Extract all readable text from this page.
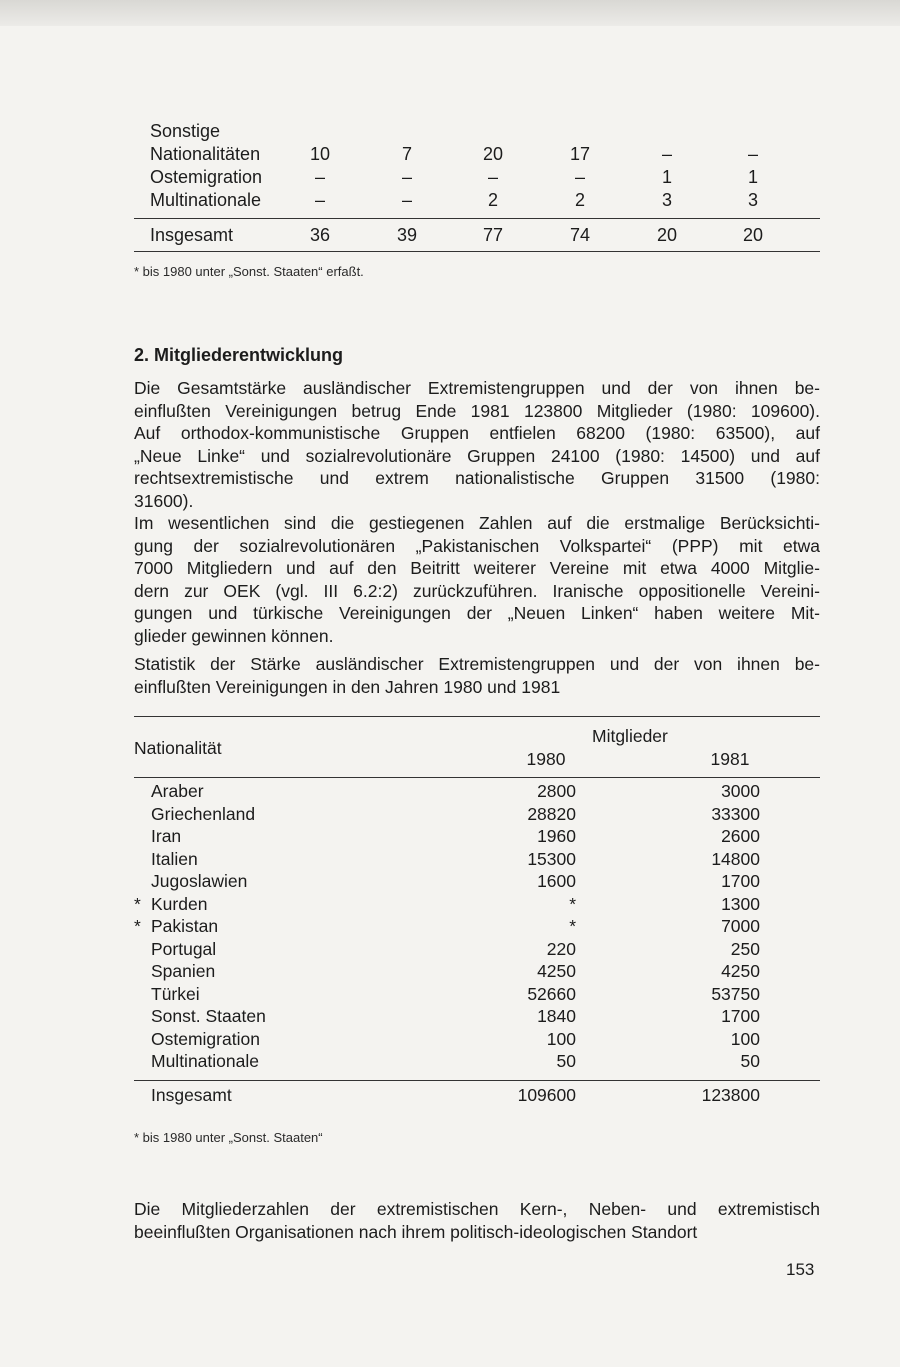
Sonstige
Nationalitäten	10	7	20	17	–	–
Ostemigration	–	–	–	–	1	1
Multinationale	–	–	2	2	3	3
Insgesamt	36	39	77	74	20	20
* bis 1980 unter „Sonst. Staaten“ erfaßt.
2. Mitgliederentwicklung
Die Gesamtstärke ausländischer Extremistengruppen und der von ihnen be-
einflußten Vereinigungen betrug Ende 1981 123800 Mitglieder (1980: 109600).
Auf orthodox-kommunistische Gruppen entfielen 68200 (1980: 63500), auf
„Neue Linke“ und sozialrevolutionäre Gruppen 24100 (1980: 14500) und auf
rechtsextremistische und extrem nationalistische Gruppen 31500 (1980:
31600).
Im wesentlichen sind die gestiegenen Zahlen auf die erstmalige Berücksichti-
gung der sozialrevolutionären „Pakistanischen Volkspartei“ (PPP) mit etwa
7000 Mitgliedern und auf den Beitritt weiterer Vereine mit etwa 4000 Mitglie-
dern zur OEK (vgl. III 6.2:2) zurückzuführen. Iranische oppositionelle Vereini-
gungen und türkische Vereinigungen der „Neuen Linken“ haben weitere Mit-
glieder gewinnen können.
Statistik der Stärke ausländischer Extremistengruppen und der von ihnen be-
einflußten Vereinigungen in den Jahren 1980 und 1981
Nationalität
Mitglieder
1980	1981
Araber	2800	3000
Griechenland	28820	33300
Iran	1960	2600
Italien	15300	14800
Jugoslawien	1600	1700
* Kurden	*	1300
* Pakistan	*	7000
Portugal	220	250
Spanien	4250	4250
Türkei	52660	53750
Sonst. Staaten	1840	1700
Ostemigration	100	100
Multinationale	50	50
Insgesamt	109600	123800
* bis 1980 unter „Sonst. Staaten“
Die Mitgliederzahlen der extremistischen Kern-, Neben- und extremistisch
beeinflußten Organisationen nach ihrem politisch-ideologischen Standort
153
